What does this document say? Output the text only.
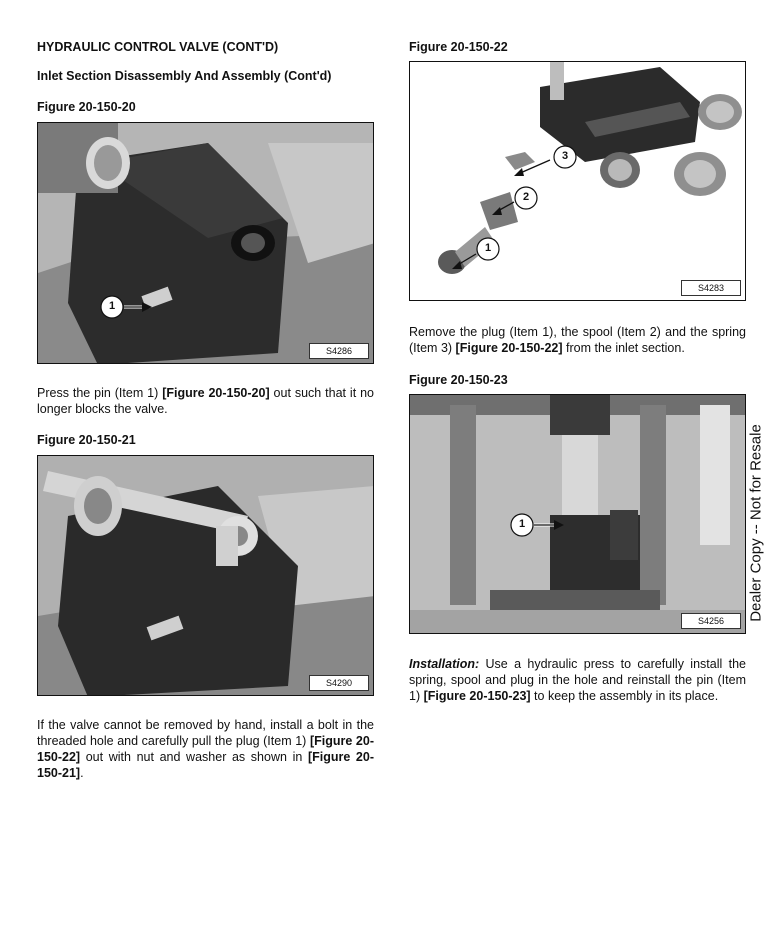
HYDRAULIC CONTROL VALVE (CONT'D)
Inlet Section Disassembly And Assembly (Cont'd)
Figure 20-150-20
1
S4286
Press the pin (Item 1) [Figure 20-150-20] out such that it no longer blocks the valve.
Figure 20-150-21
S4290
If the valve cannot be removed by hand, install a bolt in the threaded hole and carefully pull the plug (Item 1) [Figure 20-150-22] out with nut and washer as shown in [Figure 20-150-21].
Figure 20-150-22
3
2
1
S4283
Remove the plug (Item 1), the spool (Item 2) and the spring (Item 3) [Figure 20-150-22] from the inlet section.
Figure 20-150-23
1
S4256
Installation: Use a hydraulic press to carefully install the spring, spool and plug in the hole and reinstall the pin (Item 1) [Figure 20-150-23] to keep the assembly in its place.
Dealer Copy -- Not for Resale
